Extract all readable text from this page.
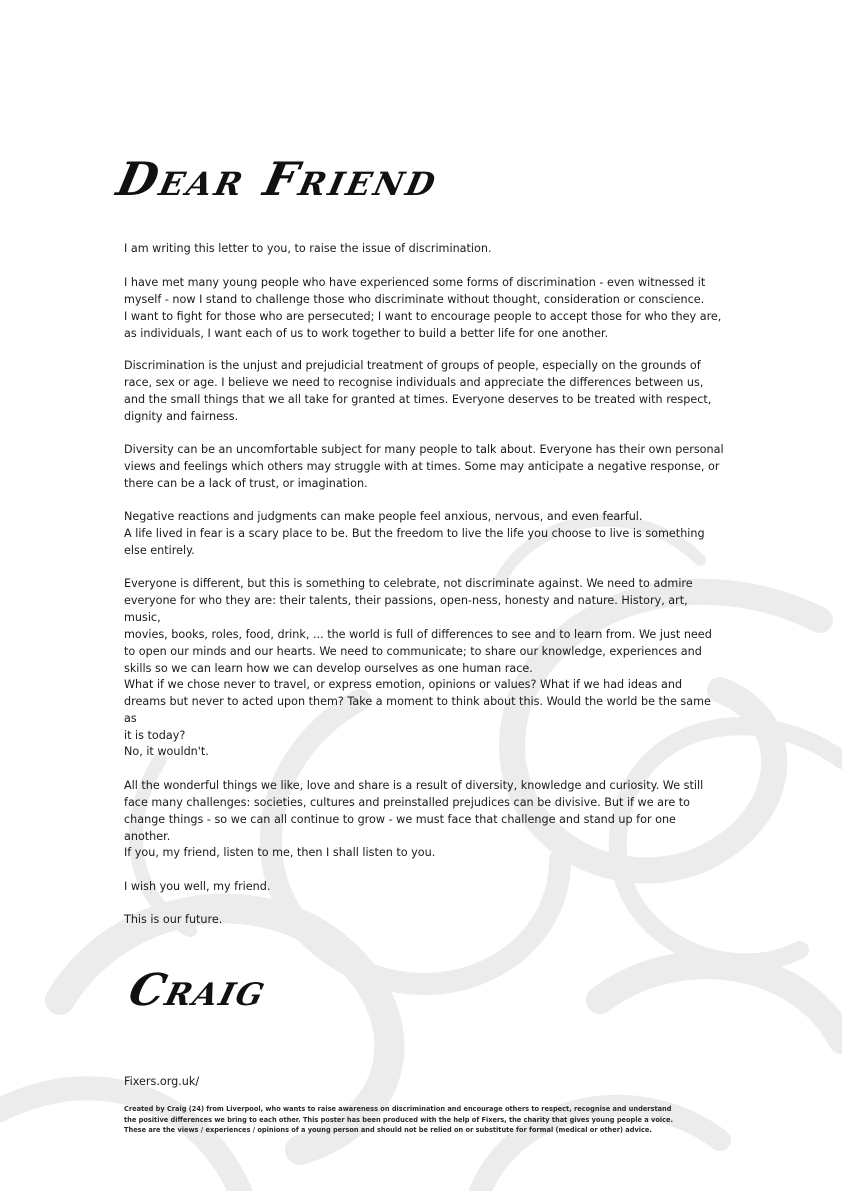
Dear Friend

I am writing this letter to you, to raise the issue of discrimination.

I have met many young people who have experienced some forms of discrimination - even witnessed it
myself - now I stand to challenge those who discriminate without thought, consideration or conscience.
I want to fight for those who are persecuted; I want to encourage people to accept those for who they are,
as individuals, I want each of us to work together to build a better life for one another.

Discrimination is the unjust and prejudicial treatment of groups of people, especially on the grounds of
race, sex or age. I believe we need to recognise individuals and appreciate the differences between us,
and the small things that we all take for granted at times. Everyone deserves to be treated with respect,
dignity and fairness.

Diversity can be an uncomfortable subject for many people to talk about. Everyone has their own personal
views and feelings which others may struggle with at times. Some may anticipate a negative response, or
there can be a lack of trust, or imagination.

Negative reactions and judgments can make people feel anxious, nervous, and even fearful.
A life lived in fear is a scary place to be. But the freedom to live the life you choose to live is something
else entirely.

Everyone is different, but this is something to celebrate, not discriminate against. We need to admire
everyone for who they are: their talents, their passions, open-ness, honesty and nature. History, art, music,
movies, books, roles, food, drink, ... the world is full of differences to see and to learn from. We just need
to open our minds and our hearts. We need to communicate; to share our knowledge, experiences and
skills so we can learn how we can develop ourselves as one human race.

What if we chose never to travel, or express emotion, opinions or values? What if we had ideas and
dreams but never to acted upon them? Take a moment to think about this. Would the world be the same as
it is today?

No, it wouldn't.

All the wonderful things we like, love and share is a result of diversity, knowledge and curiosity. We still
face many challenges: societies, cultures and preinstalled prejudices can be divisive. But if we are to
change things - so we can all continue to grow - we must face that challenge and stand up for one another.

If you, my friend, listen to me, then I shall listen to you.

I wish you well, my friend.

This is our future.

Craig
Fixers.org.uk/
Created by Craig (24) from Liverpool, who wants to raise awareness on discrimination and encourage others to respect, recognise and understand
the positive differences we bring to each other. This poster has been produced with the help of Fixers, the charity that gives young people a voice.
These are the views / experiences / opinions of a young person and should not be relied on or substitute for formal (medical or other) advice.
